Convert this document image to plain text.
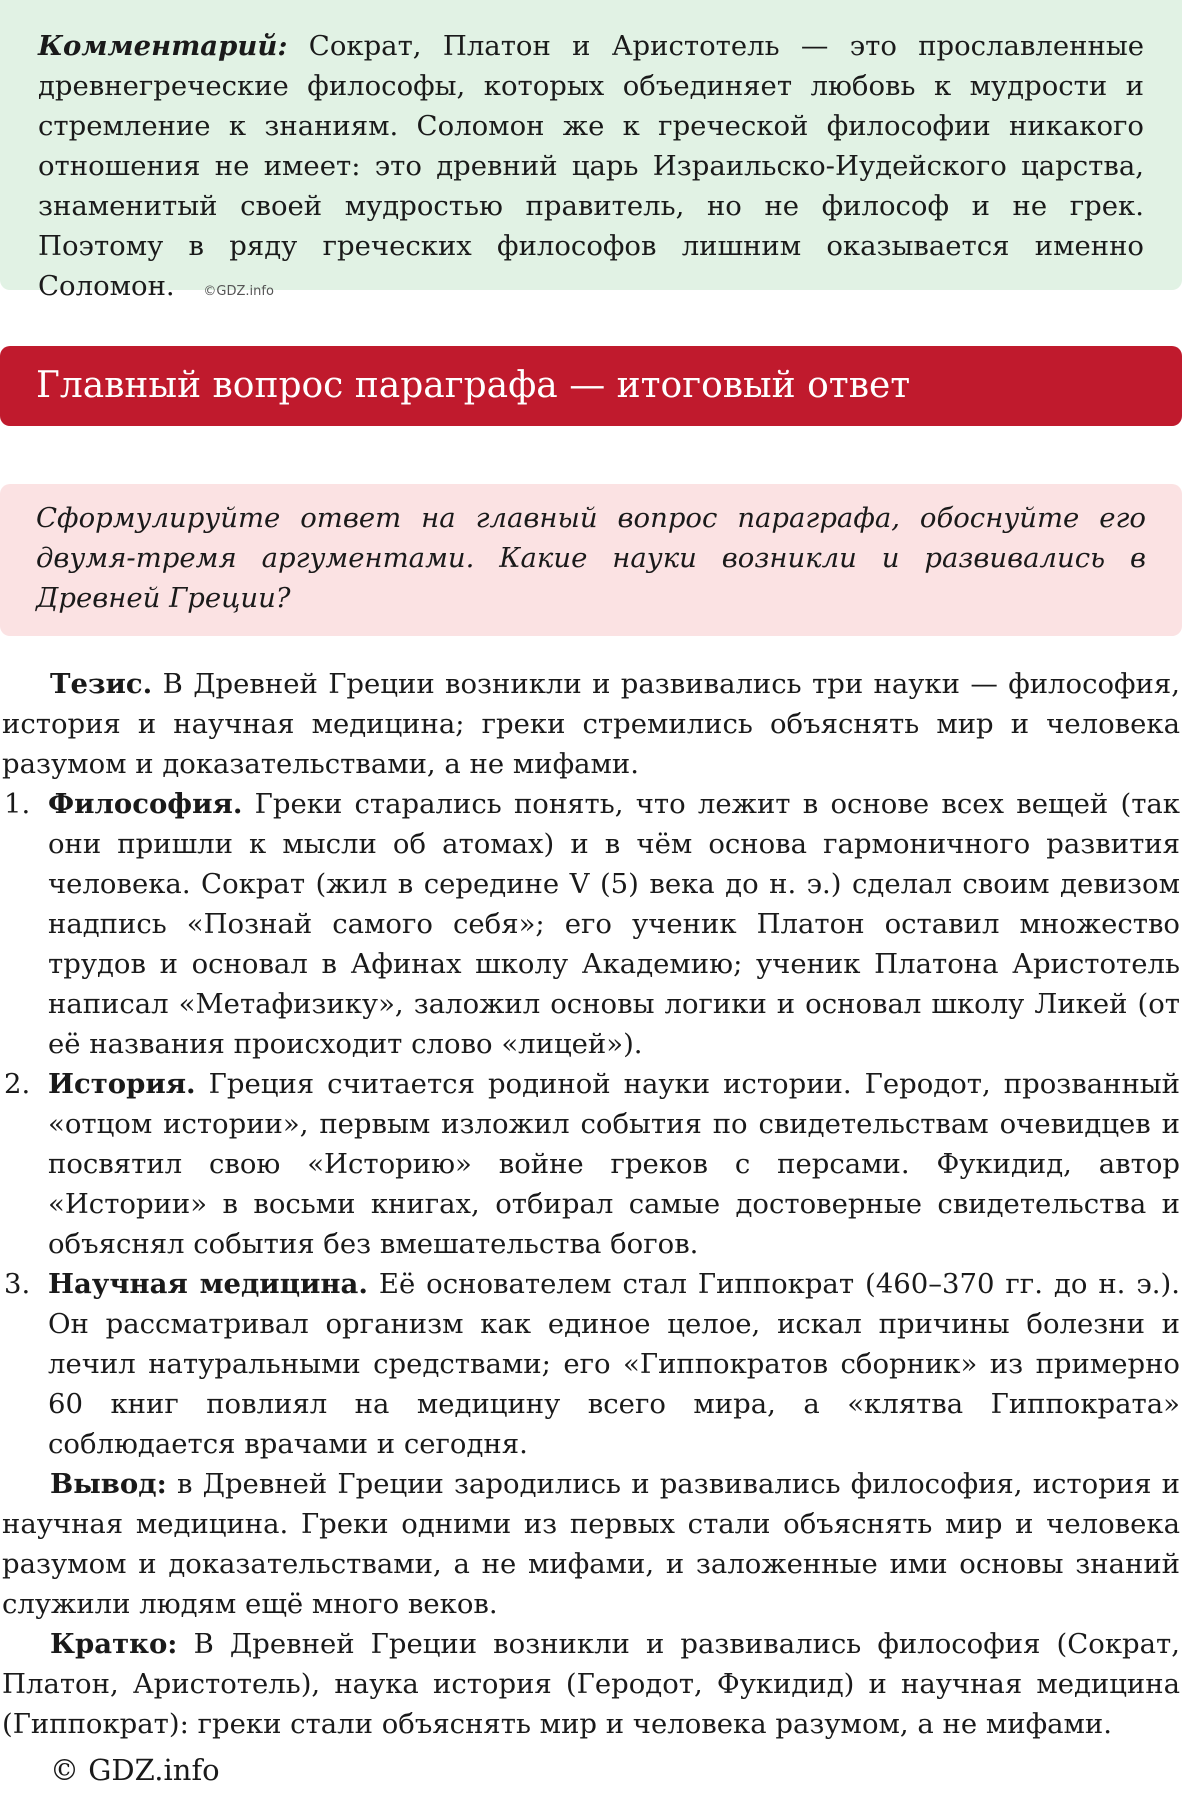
Комментарий: Сократ, Платон и Аристотель — это прославленные древнегреческие философы, которых объединяет любовь к мудрости и стремление к знаниям. Соломон же к греческой философии никакого отношения не имеет: это древний царь Израильско-Иудейского царства, знаменитый своей мудростью правитель, но не философ и не грек. Поэтому в ряду греческих философов лишним оказывается именно Соломон. ©GDZ.info
Главный вопрос параграфа — итоговый ответ
Сформулируйте ответ на главный вопрос параграфа, обоснуйте его двумя-тремя аргументами. Какие науки возникли и развивались в Древней Греции?

Тезис. В Древней Греции возникли и развивались три науки — философия, история и научная медицина; греки стремились объяснять мир и человека разумом и доказательствами, а не мифами.

1. Философия. Греки старались понять, что лежит в основе всех вещей (так они пришли к мысли об атомах) и в чём основа гармоничного развития человека. Сократ (жил в середине V (5) века до н. э.) сделал своим девизом надпись «Познай самого себя»; его ученик Платон оставил множество трудов и основал в Афинах школу Академию; ученик Платона Аристотель написал «Метафизику», заложил основы логики и основал школу Ликей (от её названия происходит слово «лицей»).
2. История. Греция считается родиной науки истории. Геродот, прозванный «отцом истории», первым изложил события по свидетельствам очевидцев и посвятил свою «Историю» войне греков с персами. Фукидид, автор «Истории» в восьми книгах, отбирал самые достоверные свидетельства и объяснял события без вмешательства богов.
3. Научная медицина. Её основателем стал Гиппократ (460–370 гг. до н. э.). Он рассматривал организм как единое целое, искал причины болезни и лечил натуральными средствами; его «Гиппократов сборник» из примерно 60 книг повлиял на медицину всего мира, а «клятва Гиппократа» соблюдается врачами и сегодня.

Вывод: в Древней Греции зародились и развивались философия, история и научная медицина. Греки одними из первых стали объяснять мир и человека разумом и доказательствами, а не мифами, и заложенные ими основы знаний служили людям ещё много веков.

Кратко: В Древней Греции возникли и развивались философия (Сократ, Платон, Аристотель), наука история (Геродот, Фукидид) и научная медицина (Гиппократ): греки стали объяснять мир и человека разумом, а не мифами.

© GDZ.info
